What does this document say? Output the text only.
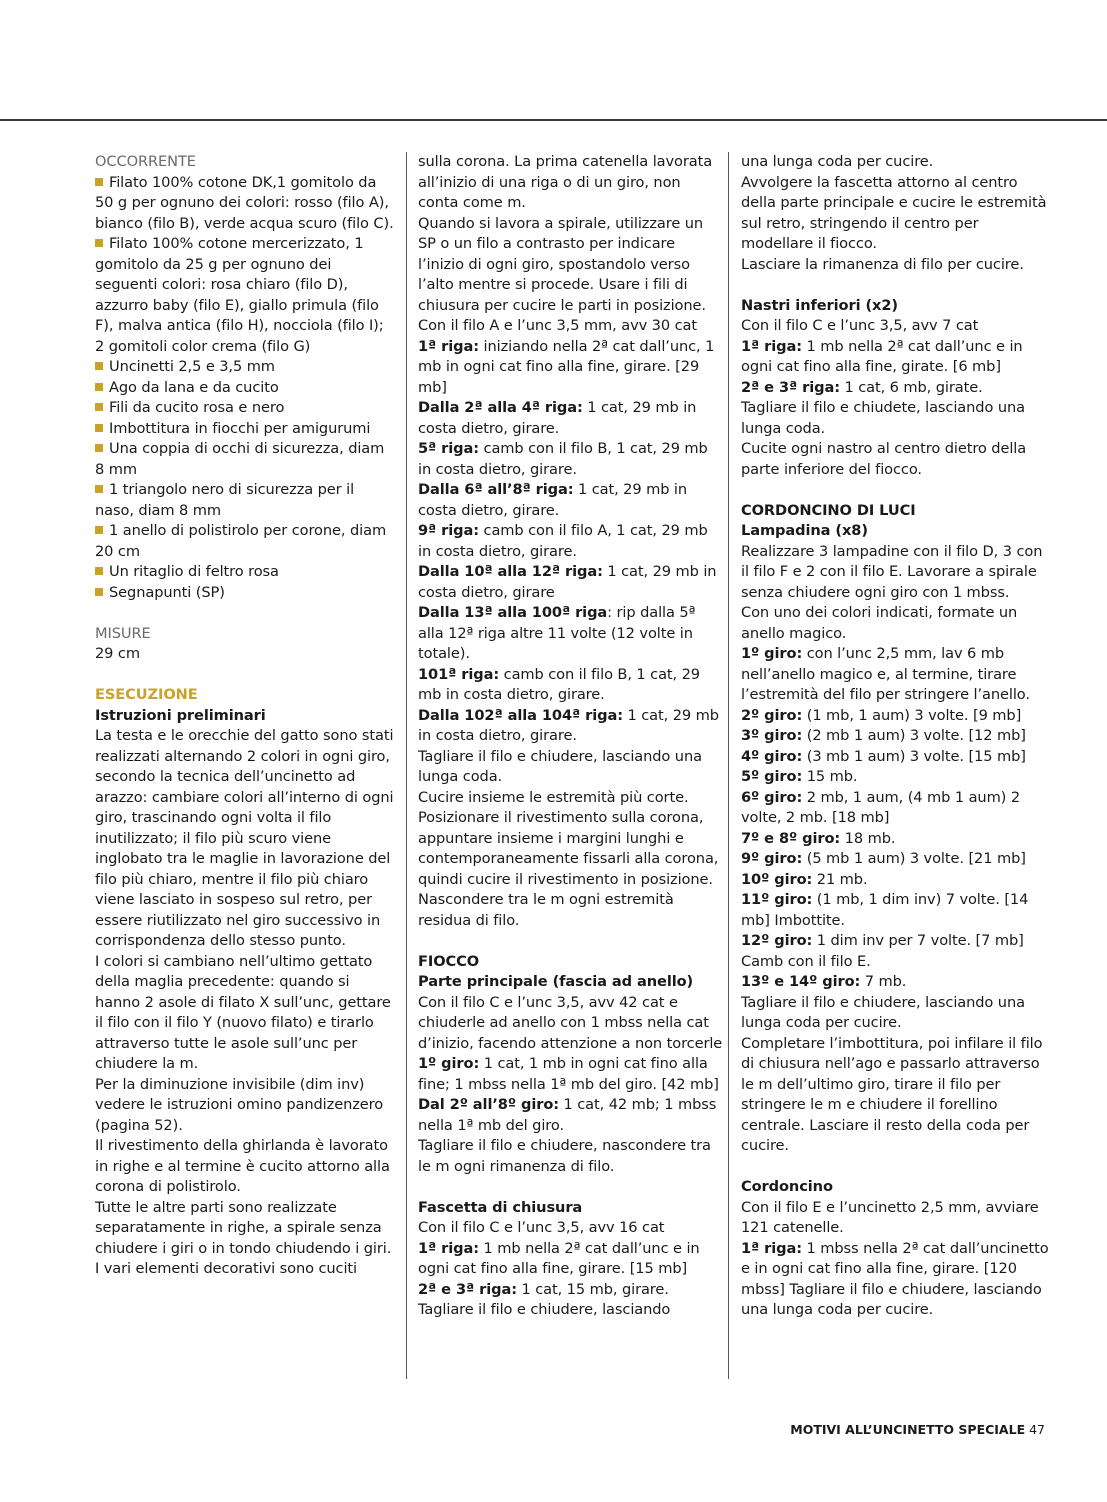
OCCORRENTE

Filato 100% cotone DK,1 gomitolo da 50 g per ognuno dei colori: rosso (filo A), bianco (filo B), verde acqua scuro (filo C).

Filato 100% cotone mercerizzato, 1 gomitolo da 25 g per ognuno dei seguenti colori: rosa chiaro (filo D), azzurro baby (filo E), giallo primula (filo F), malva antica (filo H), nocciola (filo I); 2 gomitoli color crema (filo G)

Uncinetti 2,5 e 3,5 mm

Ago da lana e da cucito

Fili da cucito rosa e nero

Imbottitura in fiocchi per amigurumi

Una coppia di occhi di sicurezza, diam 8 mm

1 triangolo nero di sicurezza per il naso, diam 8 mm

1 anello di polistirolo per corone, diam 20 cm

Un ritaglio di feltro rosa

Segnapunti (SP)

MISURE

29 cm

ESECUZIONE

Istruzioni preliminari

La testa e le orecchie del gatto sono stati realizzati alternando 2 colori in ogni giro, secondo la tecnica dell’uncinetto ad arazzo: cambiare colori all’interno di ogni giro, trascinando ogni volta il filo inutilizzato; il filo più scuro viene inglobato tra le maglie in lavorazione del filo più chiaro, mentre il filo più chiaro viene lasciato in sospeso sul retro, per essere riutilizzato nel giro successivo in corrispondenza dello stesso punto.

I colori si cambiano nell’ultimo gettato della maglia precedente: quando si hanno 2 asole di filato X sull’unc, gettare il filo con il filo Y (nuovo filato) e tirarlo attraverso tutte le asole sull’unc per chiudere la m.

Per la diminuzione invisibile (dim inv) vedere le istruzioni omino pandizenzero (pagina 52).

Il rivestimento della ghirlanda è lavorato in righe e al termine è cucito attorno alla corona di polistirolo.

Tutte le altre parti sono realizzate separatamente in righe, a spirale senza chiudere i giri o in tondo chiudendo i giri.

I vari elementi decorativi sono cuciti

sulla corona. La prima catenella lavorata all’inizio di una riga o di un giro, non conta come m.

Quando si lavora a spirale, utilizzare un SP o un filo a contrasto per indicare l’inizio di ogni giro, spostandolo verso l’alto mentre si procede. Usare i fili di chiusura per cucire le parti in posizione.

Con il filo A e l’unc 3,5 mm, avv 30 cat

1ª riga: iniziando nella 2ª cat dall’unc, 1 mb in ogni cat fino alla fine, girare. [29 mb]

Dalla 2ª alla 4ª riga: 1 cat, 29 mb in costa dietro, girare.

5ª riga: camb con il filo B, 1 cat, 29 mb in costa dietro, girare.

Dalla 6ª all’8ª riga: 1 cat, 29 mb in costa dietro, girare.

9ª riga: camb con il filo A, 1 cat, 29 mb in costa dietro, girare.

Dalla 10ª alla 12ª riga: 1 cat, 29 mb in costa dietro, girare

Dalla 13ª alla 100ª riga: rip dalla 5ª alla 12ª riga altre 11 volte (12 volte in totale).

101ª riga: camb con il filo B, 1 cat, 29 mb in costa dietro, girare.

Dalla 102ª alla 104ª riga: 1 cat, 29 mb in costa dietro, girare.

Tagliare il filo e chiudere, lasciando una lunga coda.

Cucire insieme le estremità più corte. Posizionare il rivestimento sulla corona, appuntare insieme i margini lunghi e contemporaneamente fissarli alla corona, quindi cucire il rivestimento in posizione. Nascondere tra le m ogni estremità residua di filo.

FIOCCO

Parte principale (fascia ad anello)

Con il filo C e l’unc 3,5, avv 42 cat e chiuderle ad anello con 1 mbss nella cat d’inizio, facendo attenzione a non torcerle

1º giro: 1 cat, 1 mb in ogni cat fino alla fine; 1 mbss nella 1ª mb del giro. [42 mb]

Dal 2º all’8º giro: 1 cat, 42 mb; 1 mbss nella 1ª mb del giro.

Tagliare il filo e chiudere, nascondere tra le m ogni rimanenza di filo.

Fascetta di chiusura

Con il filo C e l’unc 3,5, avv 16 cat

1ª riga: 1 mb nella 2ª cat dall’unc e in ogni cat fino alla fine, girare. [15 mb]

2ª e 3ª riga: 1 cat, 15 mb, girare.

Tagliare il filo e chiudere, lasciando

una lunga coda per cucire.

Avvolgere la fascetta attorno al centro della parte principale e cucire le estremità sul retro, stringendo il centro per modellare il fiocco.

Lasciare la rimanenza di filo per cucire.

Nastri inferiori (x2)

Con il filo C e l’unc 3,5, avv 7 cat

1ª riga: 1 mb nella 2ª cat dall’unc e in ogni cat fino alla fine, girate. [6 mb]

2ª e 3ª riga: 1 cat, 6 mb, girate.

Tagliare il filo e chiudete, lasciando una lunga coda.

Cucite ogni nastro al centro dietro della parte inferiore del fiocco.

CORDONCINO DI LUCI

Lampadina (x8)

Realizzare 3 lampadine con il filo D, 3 con il filo F e 2 con il filo E. Lavorare a spirale senza chiudere ogni giro con 1 mbss.

Con uno dei colori indicati, formate un anello magico.

1º giro: con l’unc 2,5 mm, lav 6 mb nell’anello magico e, al termine, tirare l’estremità del filo per stringere l’anello.

2º giro: (1 mb, 1 aum) 3 volte. [9 mb]

3º giro: (2 mb 1 aum) 3 volte. [12 mb]

4º giro: (3 mb 1 aum) 3 volte. [15 mb]

5º giro: 15 mb.

6º giro: 2 mb, 1 aum, (4 mb 1 aum) 2 volte, 2 mb. [18 mb]

7º e 8º giro: 18 mb.

9º giro: (5 mb 1 aum) 3 volte. [21 mb]

10º giro: 21 mb.

11º giro: (1 mb, 1 dim inv) 7 volte. [14 mb] Imbottite.

12º giro: 1 dim inv per 7 volte. [7 mb]

Camb con il filo E.

13º e 14º giro: 7 mb.

Tagliare il filo e chiudere, lasciando una lunga coda per cucire.

Completare l’imbottitura, poi infilare il filo di chiusura nell’ago e passarlo attraverso le m dell’ultimo giro, tirare il filo per stringere le m e chiudere il forellino centrale. Lasciare il resto della coda per cucire.

Cordoncino

Con il filo E e l’uncinetto 2,5 mm, avviare 121 catenelle.

1ª riga: 1 mbss nella 2ª cat dall’uncinetto e in ogni cat fino alla fine, girare. [120 mbss] Tagliare il filo e chiudere, lasciando una lunga coda per cucire.

MOTIVI ALL’UNCINETTO SPECIALE 47
